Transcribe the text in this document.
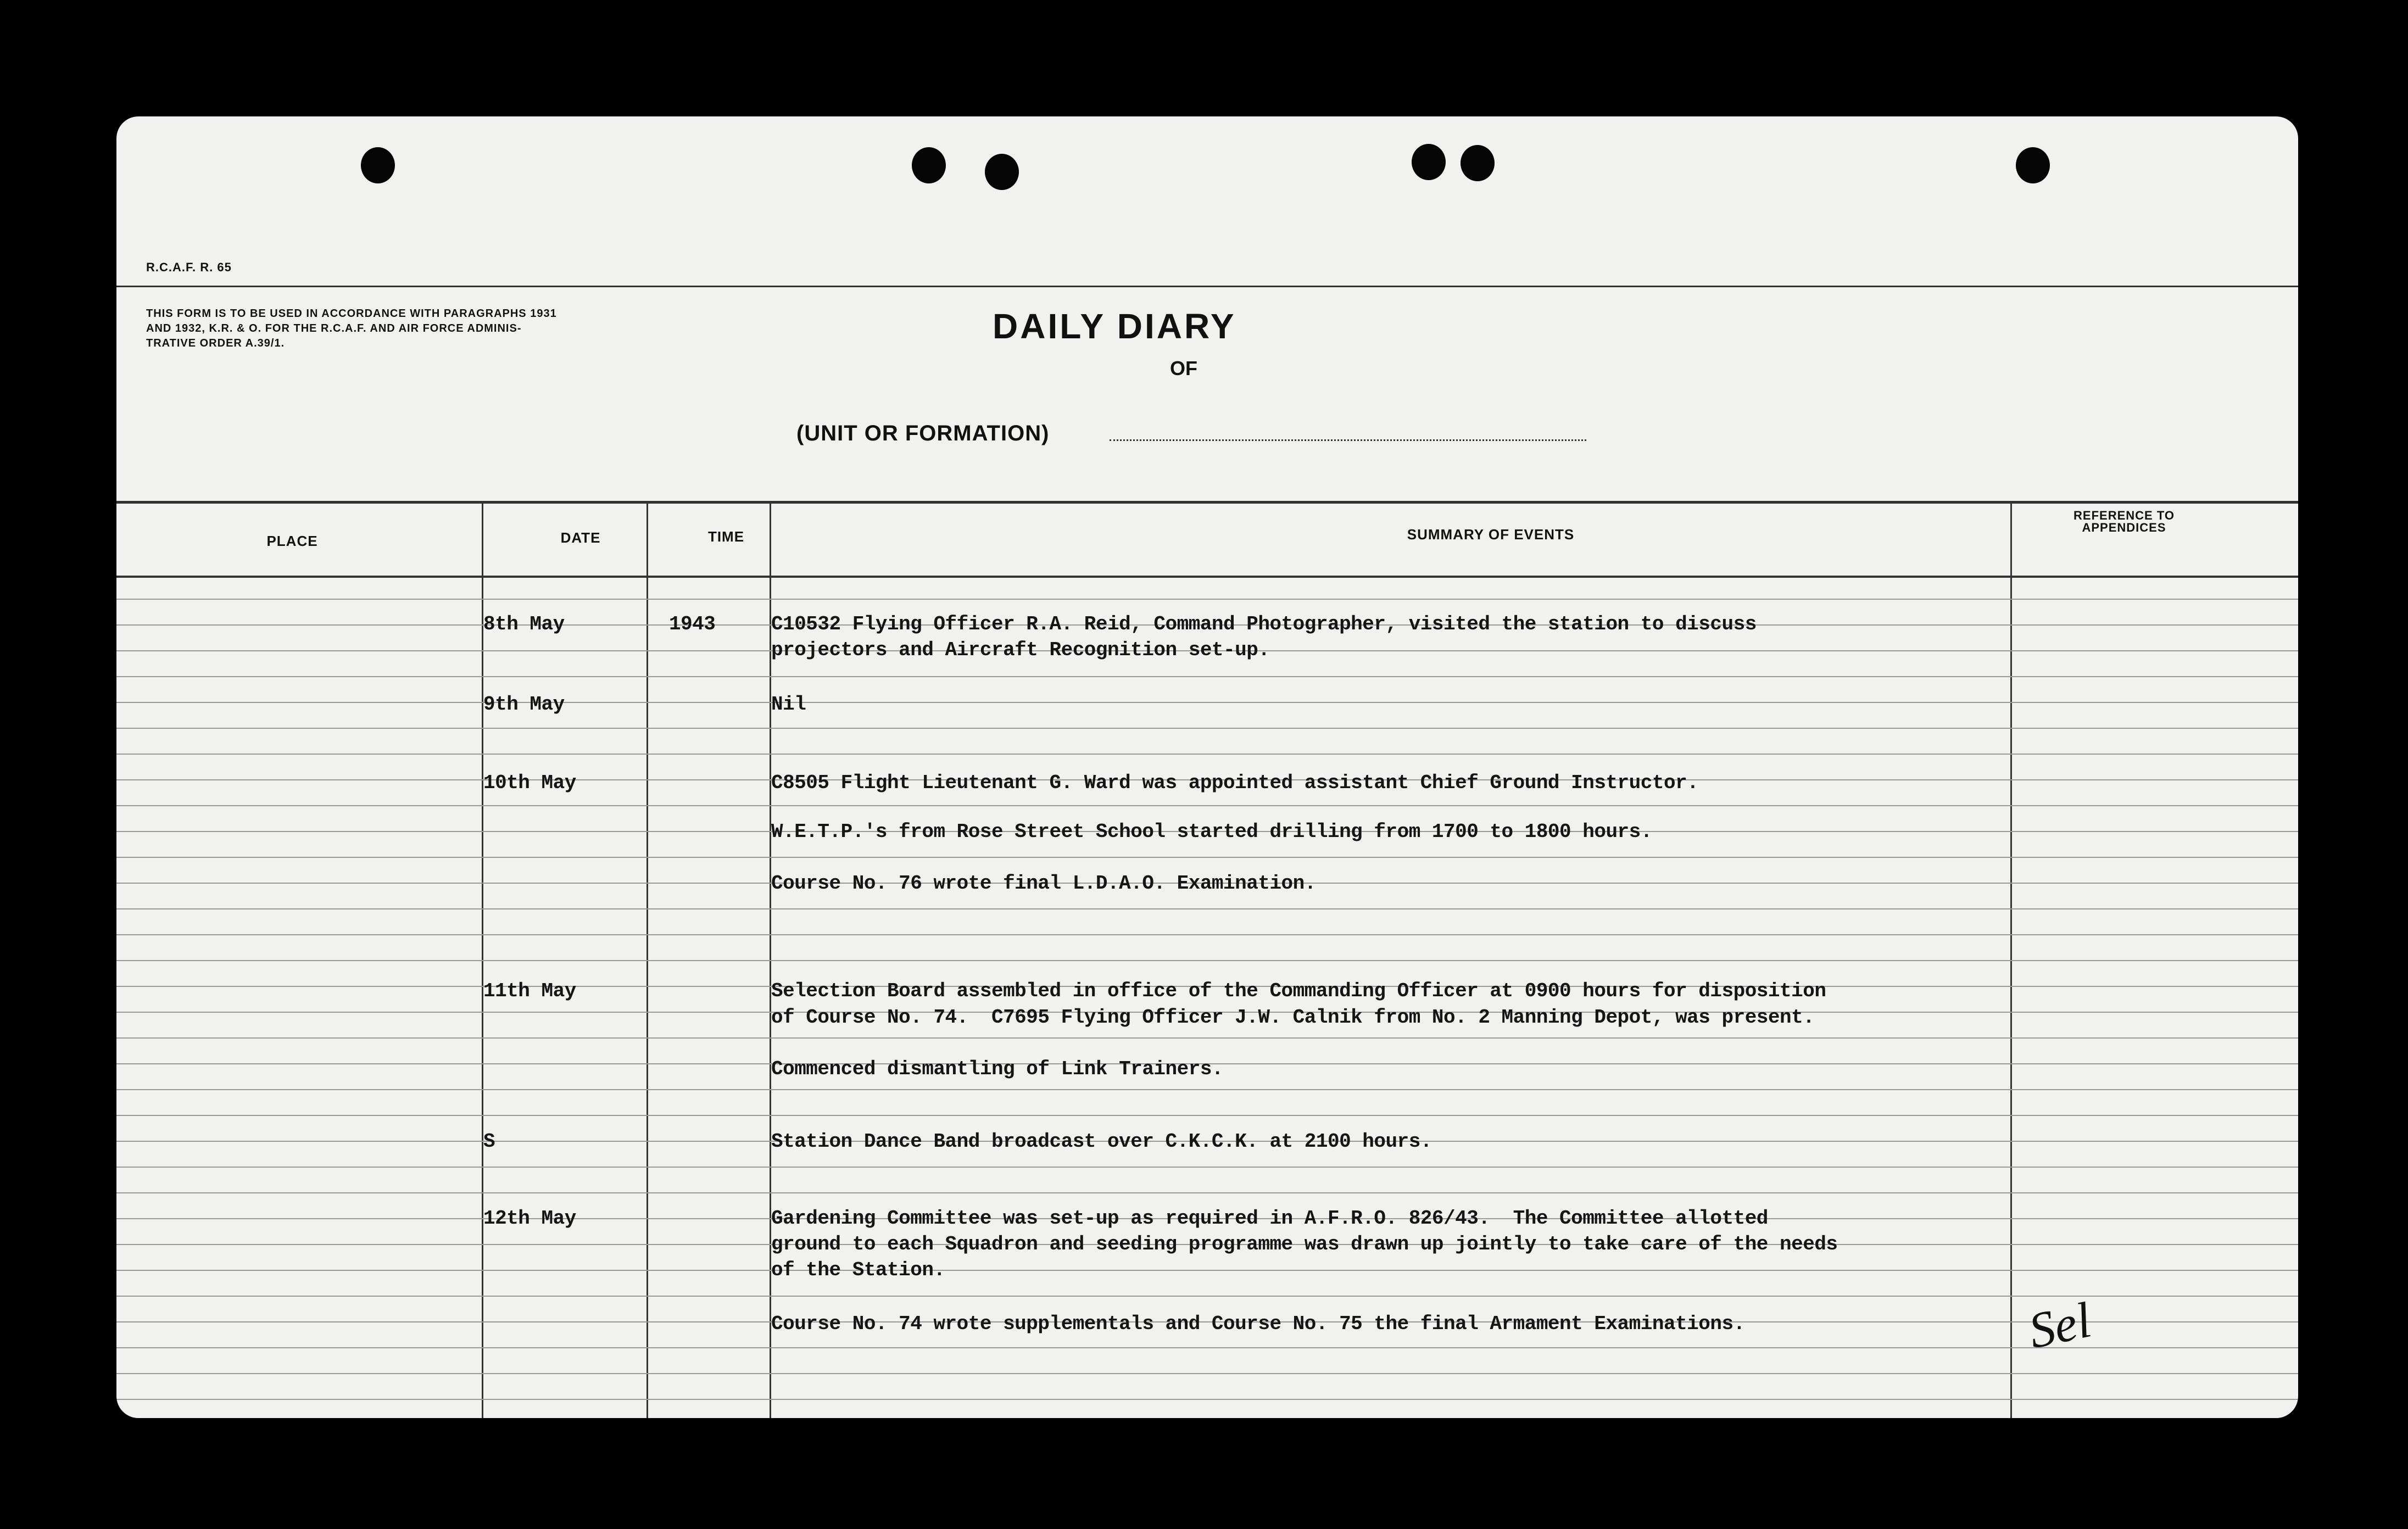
R.C.A.F. R. 65
THIS FORM IS TO BE USED IN ACCORDANCE WITH PARAGRAPHS 1931 AND 1932, K.R. & O. FOR THE R.C.A.F. AND AIR FORCE ADMINIS-TRATIVE ORDER A.39/1.	DAILY DIARY
OF
(UNIT OR FORMATION)
PLACE	DATE	TIME	SUMMARY OF EVENTS
REFERENCE TO APPENDICES
8th May	1943	C10532 Flying Officer R.A. Reid, Command Photographer, visited the station to discuss
projectors and Aircraft Recognition set-up.
9th May	Nil
10th May	C8505 Flight Lieutenant G. Ward was appointed assistant Chief Ground Instructor.
W.E.T.P.'s from Rose Street School started drilling from 1700 to 1800 hours.
Course No. 76 wrote final L.D.A.O. Examination.
11th May	Selection Board assembled in office of the Commanding Officer at 0900 hours for disposition
of Course No. 74.  C7695 Flying Officer J.W. Calnik from No. 2 Manning Depot, was present.
Commenced dismantling of Link Trainers.
S	Station Dance Band broadcast over C.K.C.K. at 2100 hours.
12th May	Gardening Committee was set-up as required in A.F.R.O. 826/43.  The Committee allotted
ground to each Squadron and seeding programme was drawn up jointly to take care of the needs
of the Station.
Course No. 74 wrote supplementals and Course No. 75 the final Armament Examinations.	Sel
